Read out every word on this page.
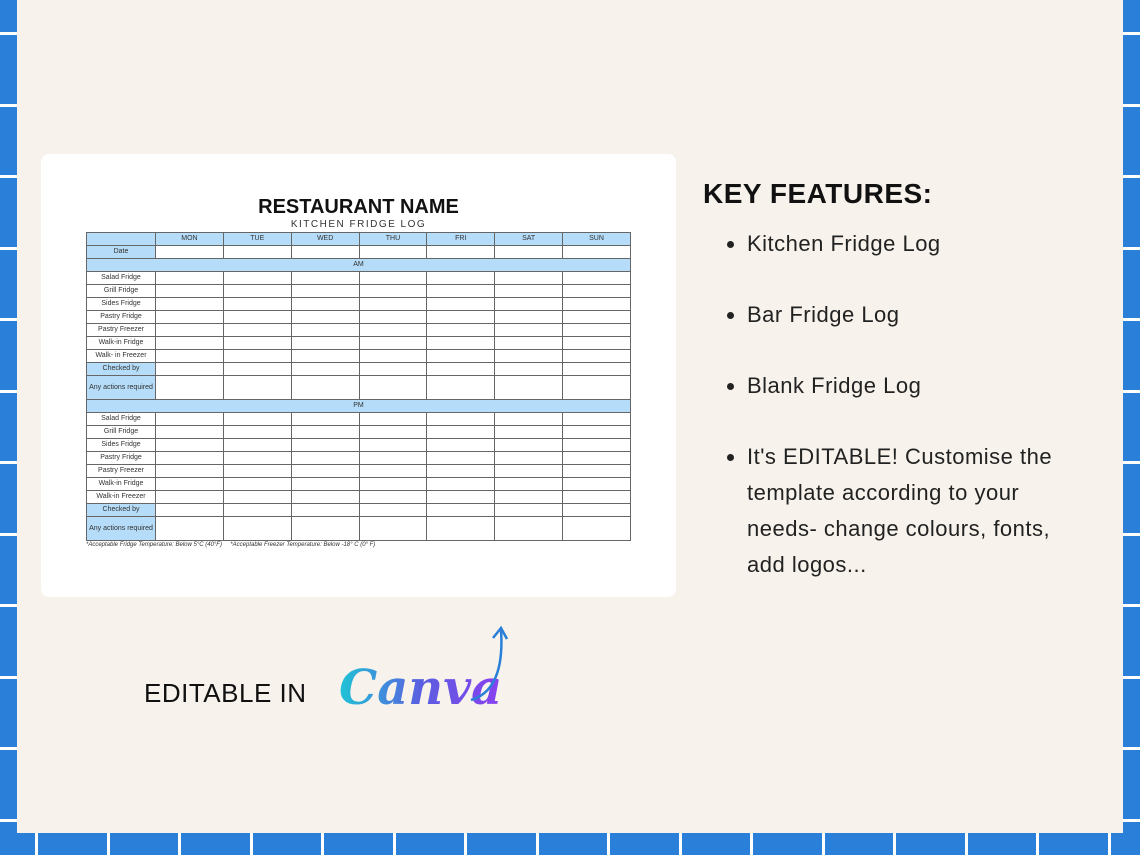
RESTAURANT NAME
KITCHEN FRIDGE LOG
	MON	TUE	WED	THU	FRI	SAT	SUN
Date							
AM							
Salad Fridge							
Grill Fridge							
Sides Fridge							
Pastry Fridge							
Pastry Freezer							
Walk-in Fridge							
Walk- in Freezer							
Checked by							
Any actions required							
PM							
Salad Fridge							
Grill Fridge							
Sides Fridge							
Pastry Fridge							
Pastry Freezer							
Walk-in Fridge							
Walk-in Freezer							
Checked by							
Any actions required							
*Acceptable Fridge Temperature: Below 5°C (40°F)     *Acceptable Freezer Temperature: Below -18° C (0° F)
KEY FEATURES:
Kitchen Fridge Log
Bar Fridge Log
Blank Fridge Log
It's EDITABLE! Customise the template according to your needs- change colours, fonts, add logos...
EDITABLE IN Canva
